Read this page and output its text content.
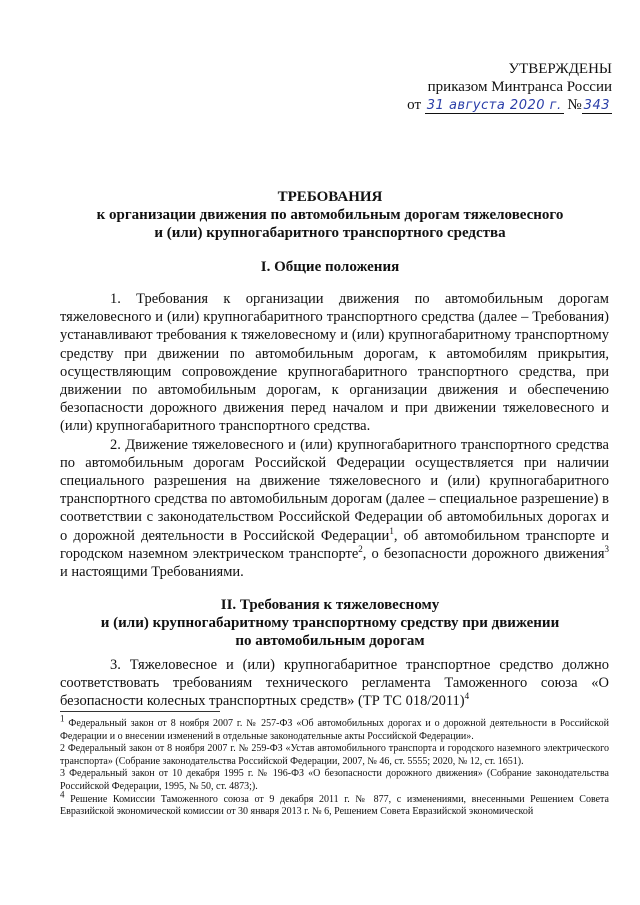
УТВЕРЖДЕНЫ
приказом Минтранса России
от 31 августа 2020 г. № 343
ТРЕБОВАНИЯ
к организации движения по автомобильным дорогам тяжеловесного
и (или) крупногабаритного транспортного средства
I. Общие положения

1. Требования к организации движения по автомобильным дорогам тяжеловесного и (или) крупногабаритного транспортного средства (далее – Требования) устанавливают требования к тяжеловесному и (или) крупногабаритному транспортному средству при движении по автомобильным дорогам, к автомобилям прикрытия, осуществляющим сопровождение крупногабаритного транспортного средства, при движении по автомобильным дорогам, к организации движения и обеспечению безопасности дорожного движения перед началом и при движении тяжеловесного и (или) крупногабаритного транспортного средства.

2. Движение тяжеловесного и (или) крупногабаритного транспортного средства по автомобильным дорогам Российской Федерации осуществляется при наличии специального разрешения на движение тяжеловесного и (или) крупногабаритного транспортного средства по автомобильным дорогам (далее – специальное разрешение) в соответствии с законодательством Российской Федерации об автомобильных дорогах и о дорожной деятельности в Российской Федерации$^1$, об автомобильном транспорте и городском наземном электрическом транспорте$^2$, о безопасности дорожного движения$^3$ и настоящими Требованиями.

II. Требования к тяжеловесному
и (или) крупногабаритному транспортному средству при движении
по автомобильным дорогам

3. Тяжеловесное и (или) крупногабаритное транспортное средство должно соответствовать требованиям технического регламента Таможенного союза «О безопасности колесных транспортных средств» (ТР ТС 018/2011)$^4$

$^1$ Федеральный закон от 8 ноября 2007 г. № 257-ФЗ «Об автомобильных дорогах и о дорожной деятельности в Российской Федерации и о внесении изменений в отдельные законодательные акты Российской Федерации».

2 Федеральный закон от 8 ноября 2007 г. № 259-ФЗ «Устав автомобильного транспорта и городского наземного электрического транспорта» (Собрание законодательства Российской Федерации, 2007, № 46, ст. 5555; 2020, № 12, ст. 1651).

3 Федеральный закон от 10 декабря 1995 г. № 196-ФЗ «О безопасности дорожного движения» (Собрание законодательства Российской Федерации, 1995, № 50, ст. 4873;).

$^4$ Решение Комиссии Таможенного союза от 9 декабря 2011 г. № 877, с изменениями, внесенными Решением Совета Евразийской экономической комиссии от 30 января 2013 г. № 6, Решением Совета Евразийской экономической
